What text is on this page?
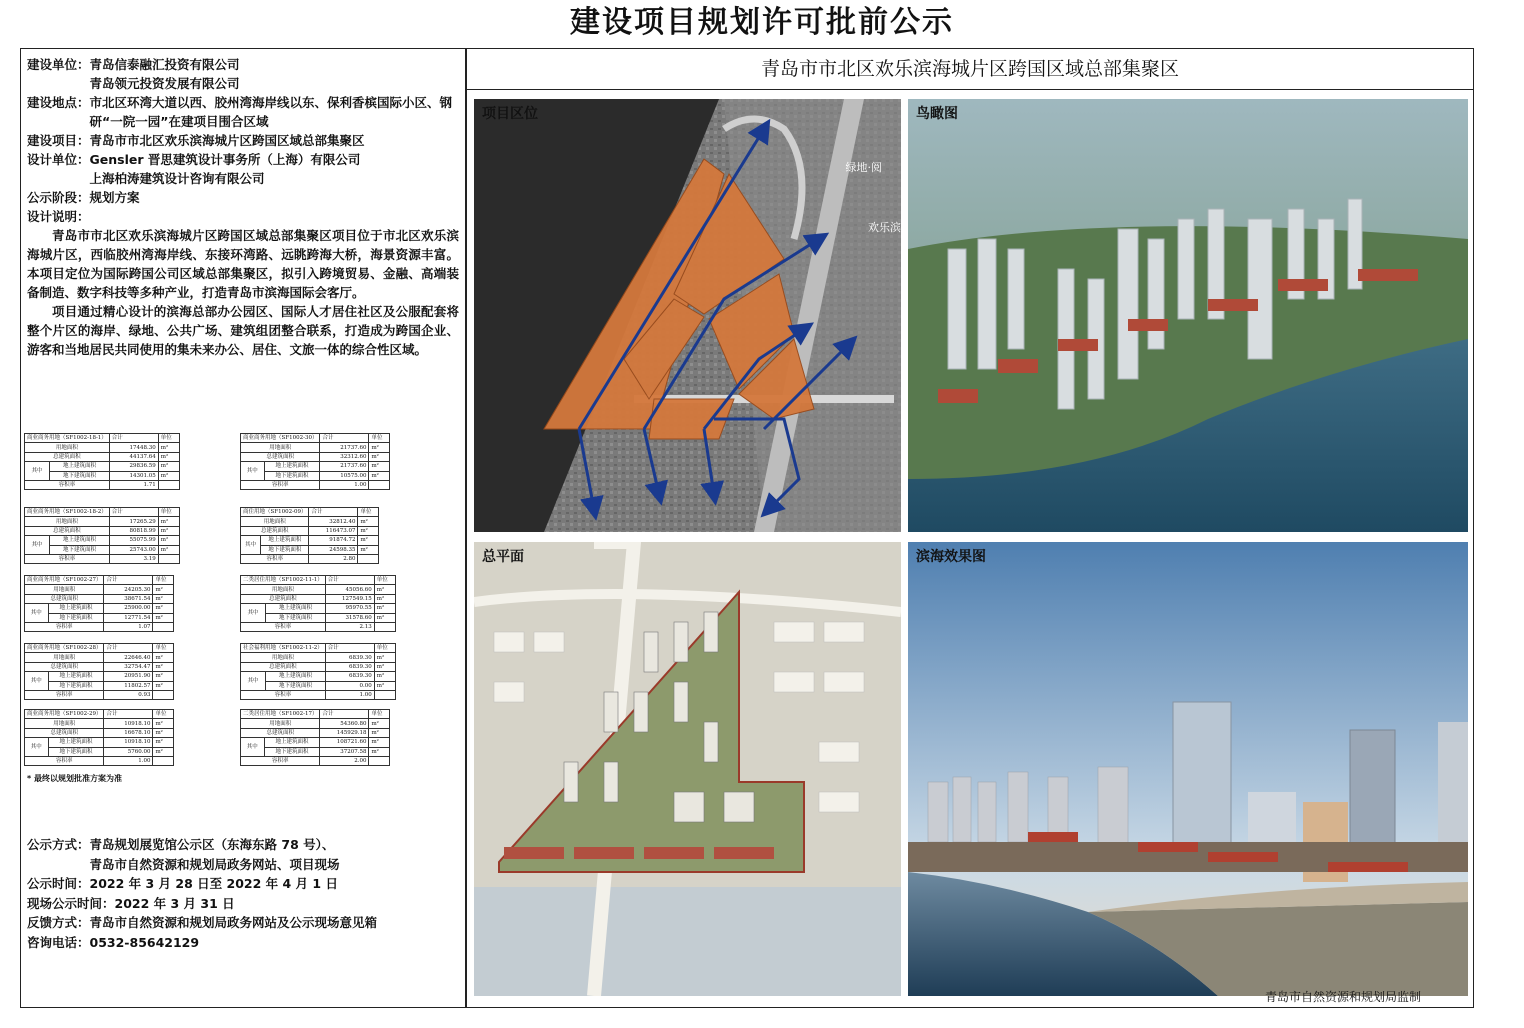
建设项目规划许可批前公示
建设单位： 青岛信泰融汇投资有限公司
青岛领元投资发展有限公司
建设地点： 市北区环湾大道以西、胶州湾海岸线以东、保利香槟国际小区、钢研“一院一园”在建项目围合区域
建设项目： 青岛市市北区欢乐滨海城片区跨国区域总部集聚区
设计单位： Gensler 晋思建筑设计事务所（上海）有限公司
上海柏涛建筑设计咨询有限公司
公示阶段： 规划方案
设计说明：

青岛市市北区欢乐滨海城片区跨国区域总部集聚区项目位于市北区欢乐滨海城片区，西临胶州湾海岸线、东接环湾路、远眺跨海大桥，海景资源丰富。本项目定位为国际跨国公司区域总部集聚区，拟引入跨境贸易、金融、高端装备制造、数字科技等多种产业，打造青岛市滨海国际会客厅。

项目通过精心设计的滨海总部办公园区、国际人才居住社区及公服配套将整个片区的海岸、绿地、公共广场、建筑组团整合联系，打造成为跨国企业、游客和当地居民共同使用的集未来办公、居住、文旅一体的综合性区域。

商业商务用地（SF1002-18-1）		合计	单位
用地面积		17448.30	m²
总建筑面积		44137.64	m²
其中	地上建筑面积	29836.59	m²
	地下建筑面积	14301.05	m²
容积率		1.71	
商业商务用地（SF1002-30）		合计	单位
用地面积		21737.60	m²
总建筑面积		32312.60	m²
其中	地上建筑面积	21737.60	m²
	地下建筑面积	10575.00	m²
容积率		1.00	
商业商务用地（SF1002-18-2）		合计	单位
用地面积		17265.29	m²
总建筑面积		80818.99	m²
其中	地上建筑面积	55075.99	m²
	地下建筑面积	25743.00	m²
容积率		3.19	
商住用地（SF1002-09）		合计	单位
用地面积		32812.40	m²
总建筑面积		116473.07	m²
其中	地上建筑面积	91874.72	m²
	地下建筑面积	24598.35	m²
容积率		2.80	
商业商务用地（SF1002-27）		合计	单位
用地面积		24205.30	m²
总建筑面积		38671.54	m²
其中	地上建筑面积	25900.00	m²
	地下建筑面积	12771.54	m²
容积率		1.07	
二类居住用地（SF1002-11-1）		合计	单位
用地面积		45056.60	m²
总建筑面积		127549.15	m²
其中	地上建筑面积	95970.55	m²
	地下建筑面积	31578.60	m²
容积率		2.13	
商业商务用地（SF1002-28）		合计	单位
用地面积		22646.40	m²
总建筑面积		32754.47	m²
其中	地上建筑面积	20951.90	m²
	地下建筑面积	11802.57	m²
容积率		0.93	
社会福利用地（SF1002-11-2）		合计	单位
用地面积		6839.30	m²
总建筑面积		6839.30	m²
其中	地上建筑面积	6839.30	m²
	地下建筑面积	0.00	m²
容积率		1.00	
商业商务用地（SF1002-29）		合计	单位
用地面积		10918.10	m²
总建筑面积		16678.10	m²
其中	地上建筑面积	10918.10	m²
	地下建筑面积	5760.00	m²
容积率		1.00	
二类居住用地（SF1002-17）		合计	单位
用地面积		54360.80	m²
总建筑面积		145929.18	m²
其中	地上建筑面积	108721.60	m²
	地下建筑面积	37207.58	m²
容积率		2.00	
* 最终以规划批准方案为准
公示方式： 青岛规划展览馆公示区（东海东路 78 号）、
青岛市自然资源和规划局政务网站、项目现场
公示时间： 2022 年 3 月 28 日至 2022 年 4 月 1 日
现场公示时间： 2022 年 3 月 31 日
反馈方式： 青岛市自然资源和规划局政务网站及公示现场意见箱
咨询电话： 0532-85642129
青岛市市北区欢乐滨海城片区跨国区域总部集聚区
项目区位
绿地·阅
欢乐滨
鸟瞰图
总平面	滨海效果图
青岛市自然资源和规划局监制
